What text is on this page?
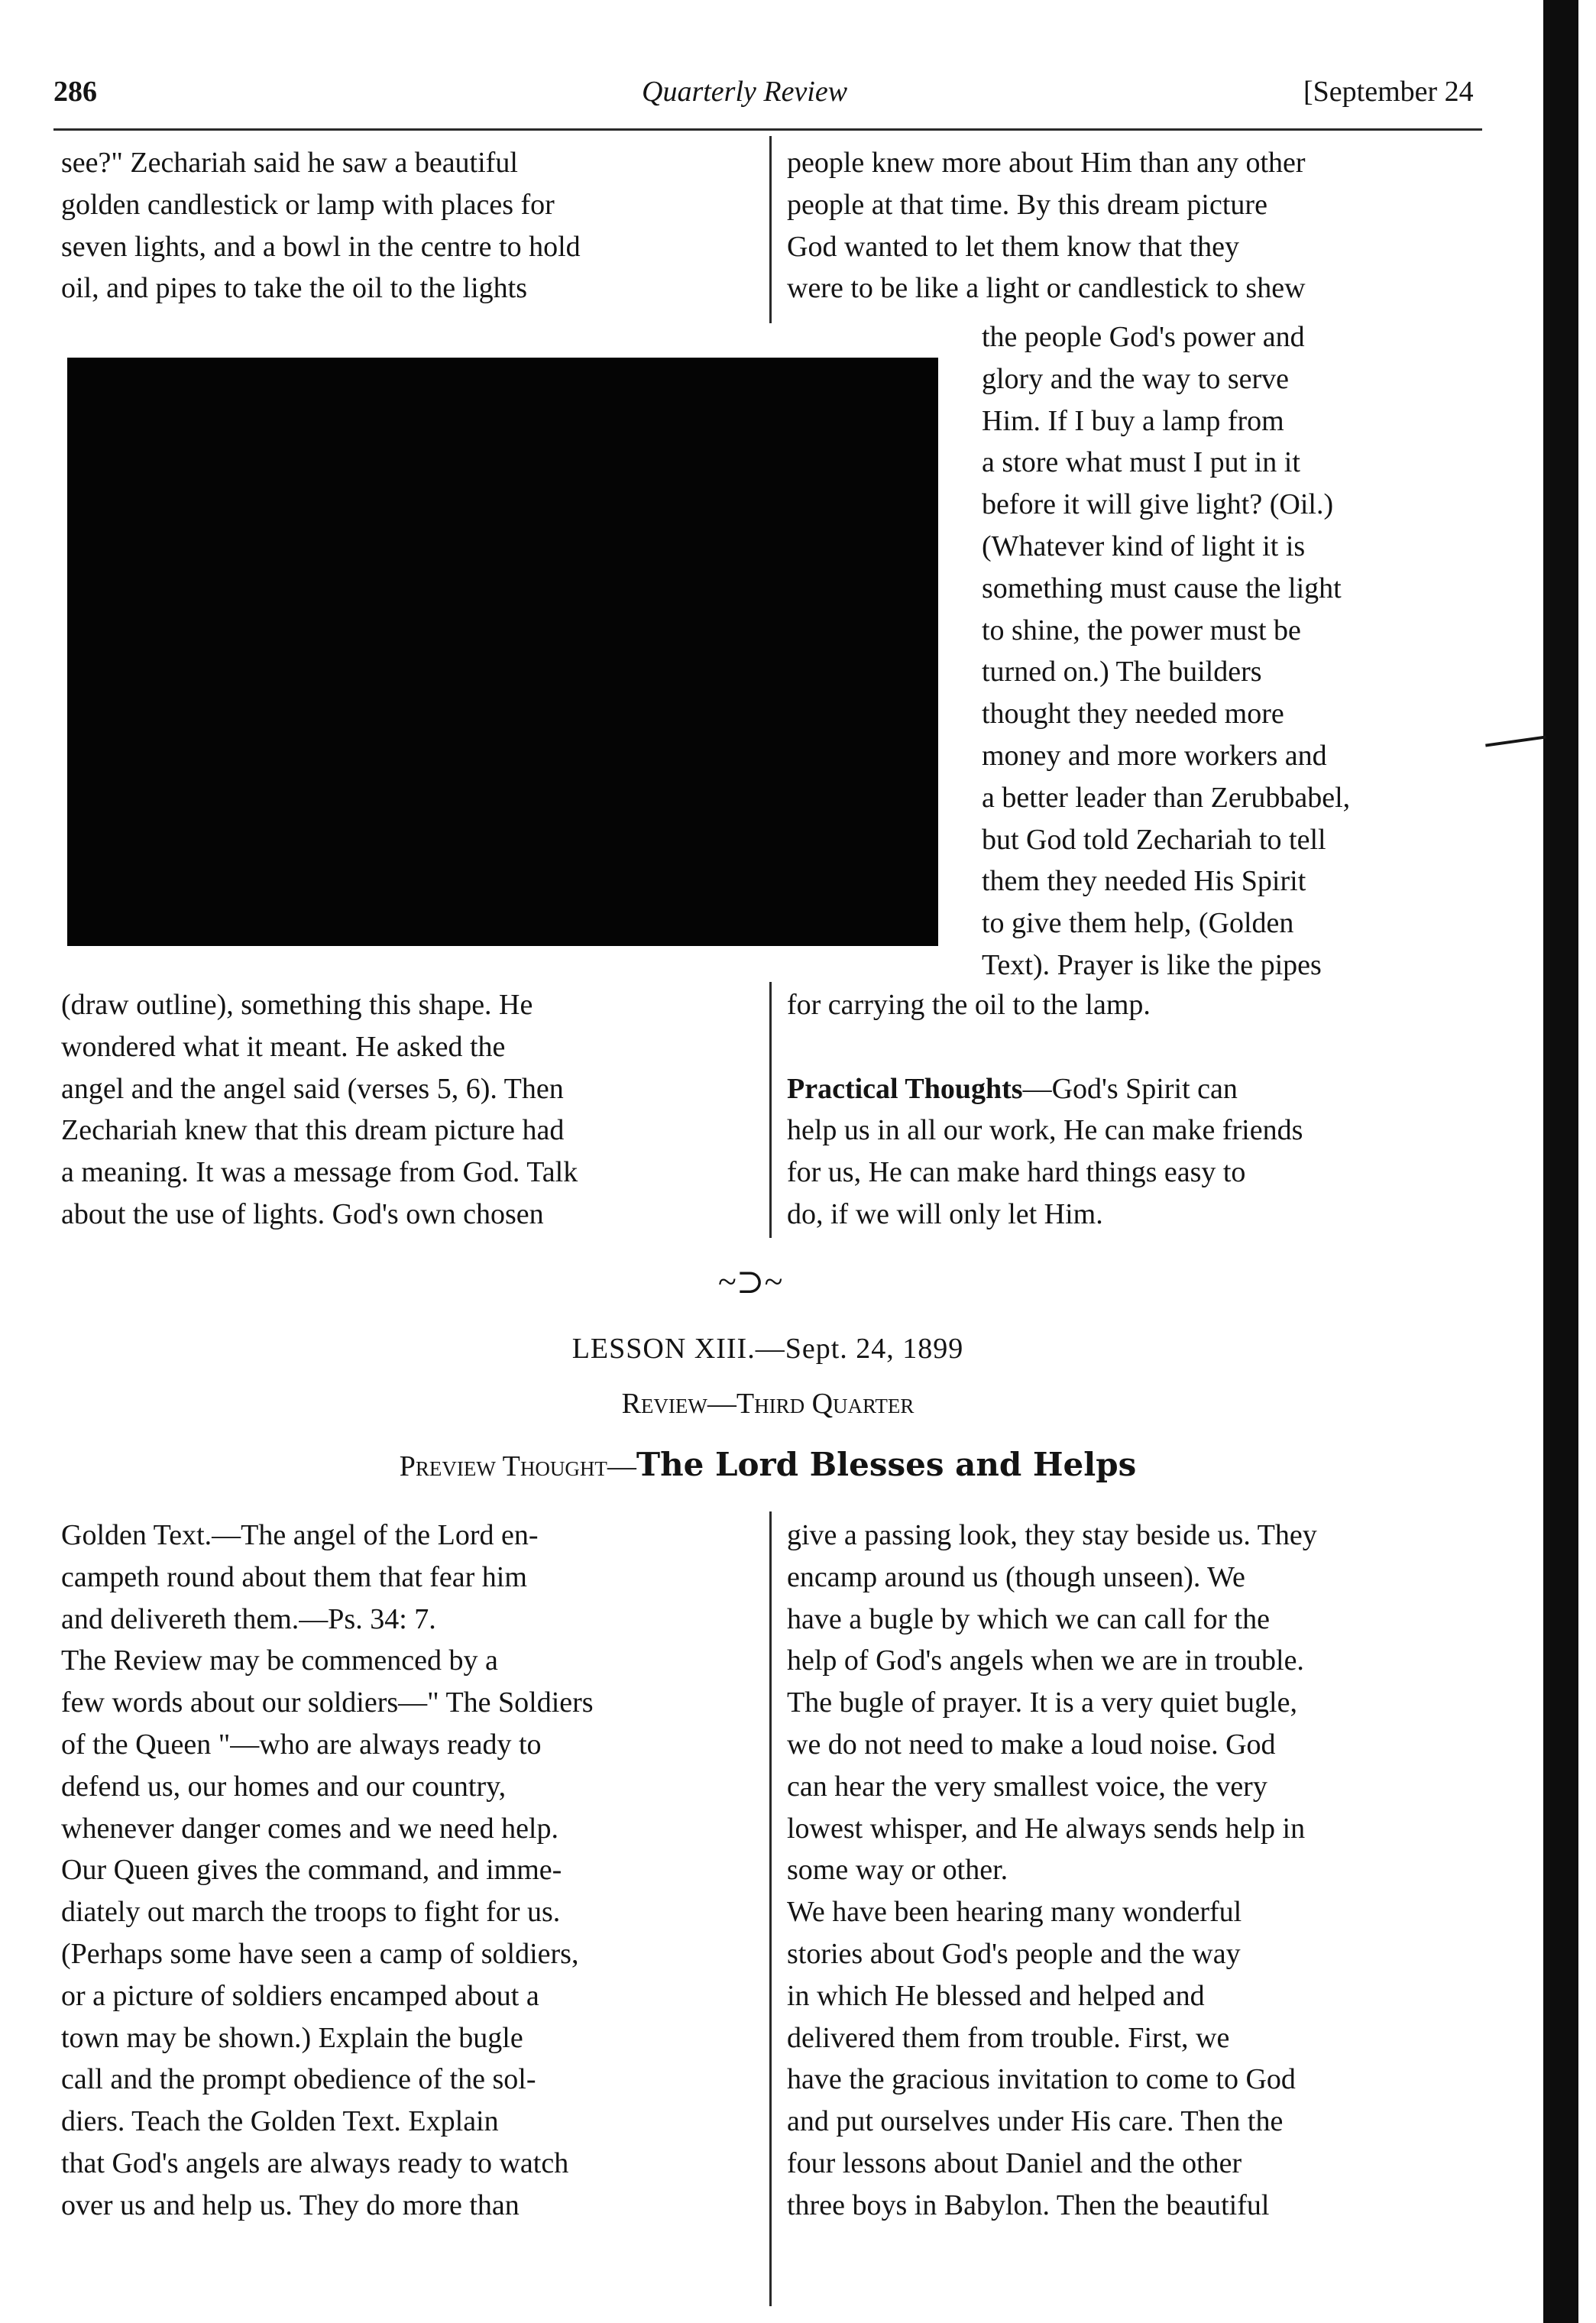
286	Quarterly Review	[September 24

see?" Zechariah said he saw a beautiful

golden candlestick or lamp with places for

seven lights, and a bowl in the centre to hold

oil, and pipes to take the oil to the lights

people knew more about Him than any other

people at that time. By this dream picture

God wanted to let them know that they

were to be like a light or candlestick to shew

the people God's power and

glory and the way to serve

Him. If I buy a lamp from

a store what must I put in it

before it will give light? (Oil.)

(Whatever kind of light it is

something must cause the light

to shine, the power must be

turned on.) The builders

thought they needed more

money and more workers and

a better leader than Zerubbabel,

but God told Zechariah to tell

them they needed His Spirit

to give them help, (Golden

Text). Prayer is like the pipes

(draw outline), something this shape. He

wondered what it meant. He asked the

angel and the angel said (verses 5, 6). Then

Zechariah knew that this dream picture had

a meaning. It was a message from God. Talk

about the use of lights. God's own chosen

for carrying the oil to the lamp.

Practical Thoughts—God's Spirit can

help us in all our work, He can make friends

for us, He can make hard things easy to

do, if we will only let Him.

~⊃~
LESSON XIII.—Sept. 24, 1899
Review—Third Quarter
Preview Thought—The Lord Blesses and Helps

Golden Text.—The angel of the Lord en-

campeth round about them that fear him

and delivereth them.—Ps. 34: 7.

The Review may be commenced by a

few words about our soldiers—" The Soldiers

of the Queen "—who are always ready to

defend us, our homes and our country,

whenever danger comes and we need help.

Our Queen gives the command, and imme-

diately out march the troops to fight for us.

(Perhaps some have seen a camp of soldiers,

or a picture of soldiers encamped about a

town may be shown.) Explain the bugle

call and the prompt obedience of the sol-

diers. Teach the Golden Text. Explain

that God's angels are always ready to watch

over us and help us. They do more than

give a passing look, they stay beside us. They

encamp around us (though unseen). We

have a bugle by which we can call for the

help of God's angels when we are in trouble.

The bugle of prayer. It is a very quiet bugle,

we do not need to make a loud noise. God

can hear the very smallest voice, the very

lowest whisper, and He always sends help in

some way or other.

We have been hearing many wonderful

stories about God's people and the way

in which He blessed and helped and

delivered them from trouble. First, we

have the gracious invitation to come to God

and put ourselves under His care. Then the

four lessons about Daniel and the other

three boys in Babylon. Then the beautiful
